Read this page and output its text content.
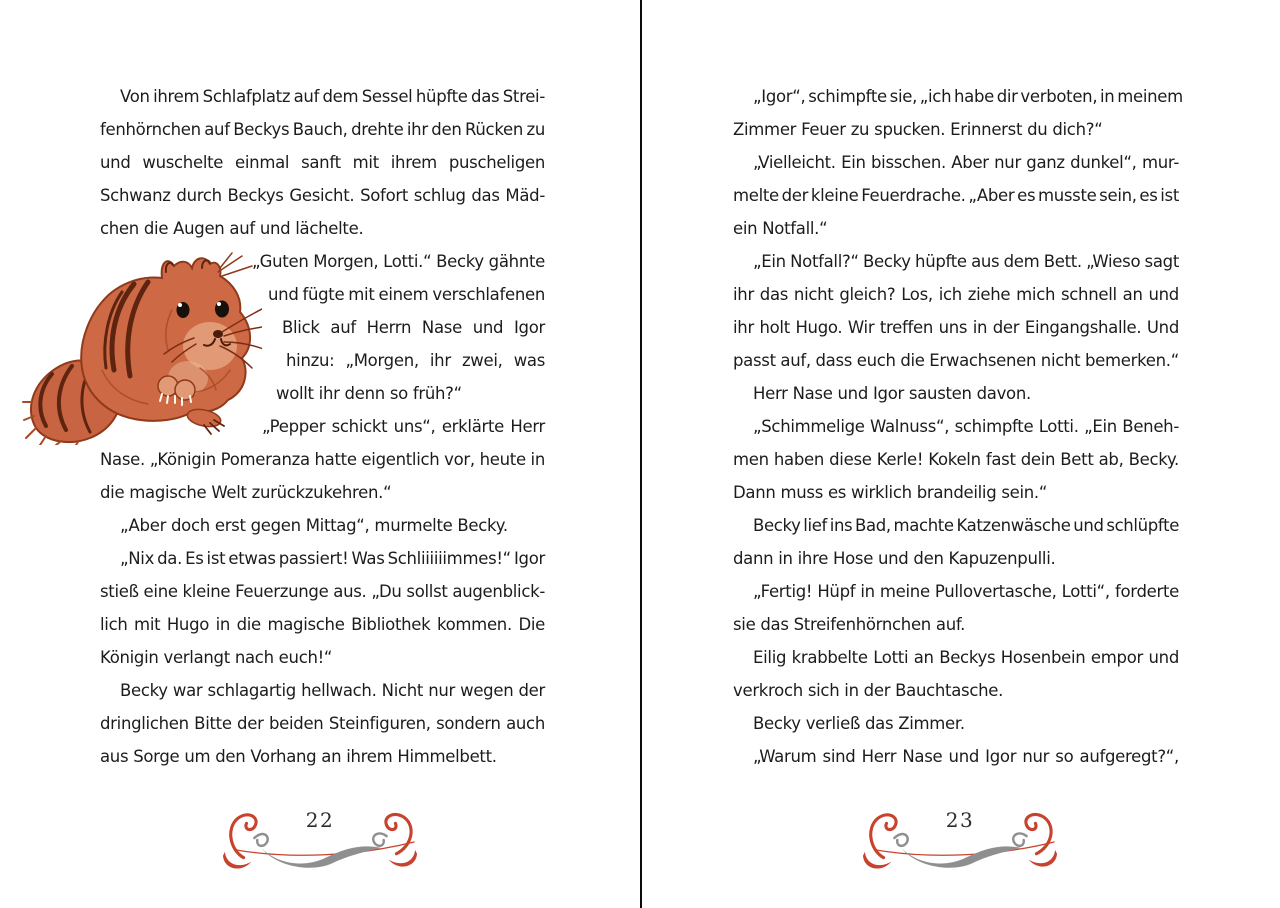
Von ihrem Schlafplatz auf dem Sessel hüpfte das Strei-
fenhörnchen auf Beckys Bauch, drehte ihr den Rücken zu
und wuschelte einmal sanft mit ihrem puscheligen
Schwanz durch Beckys Gesicht. Sofort schlug das Mäd-
chen die Augen auf und lächelte.
„Guten Morgen, Lotti.“ Becky gähnte
und fügte mit einem verschlafenen
Blick auf Herrn Nase und Igor
hinzu: „Morgen, ihr zwei, was
wollt ihr denn so früh?“
„Pepper schickt uns“, erklärte Herr
Nase. „Königin Pomeranza hatte eigentlich vor, heute in
die magische Welt zurückzukehren.“
„Aber doch erst gegen Mittag“, murmelte Becky.
„Nix da. Es ist etwas passiert! Was Schliiiiiimmes!“ Igor
stieß eine kleine Feuerzunge aus. „Du sollst augenblick-
lich mit Hugo in die magische Bibliothek kommen. Die
Königin verlangt nach euch!“
Becky war schlagartig hellwach. Nicht nur wegen der
dringlichen Bitte der beiden Steinfiguren, sondern auch
aus Sorge um den Vorhang an ihrem Himmelbett.
„Igor“, schimpfte sie, „ich habe dir verboten, in meinem
Zimmer Feuer zu spucken. Erinnerst du dich?“
„Vielleicht. Ein bisschen. Aber nur ganz dunkel“, mur-
melte der kleine Feuerdrache. „Aber es musste sein, es ist
ein Notfall.“
„Ein Notfall?“ Becky hüpfte aus dem Bett. „Wieso sagt
ihr das nicht gleich? Los, ich ziehe mich schnell an und
ihr holt Hugo. Wir treffen uns in der Eingangshalle. Und
passt auf, dass euch die Erwachsenen nicht bemerken.“
Herr Nase und Igor sausten davon.
„Schimmelige Walnuss“, schimpfte Lotti. „Ein Beneh-
men haben diese Kerle! Kokeln fast dein Bett ab, Becky.
Dann muss es wirklich brandeilig sein.“
Becky lief ins Bad, machte Katzenwäsche und schlüpfte
dann in ihre Hose und den Kapuzenpulli.
„Fertig! Hüpf in meine Pullovertasche, Lotti“, forderte
sie das Streifenhörnchen auf.
Eilig krabbelte Lotti an Beckys Hosenbein empor und
verkroch sich in der Bauchtasche.
Becky verließ das Zimmer.
„Warum sind Herr Nase und Igor nur so aufgeregt?“,
22	23
